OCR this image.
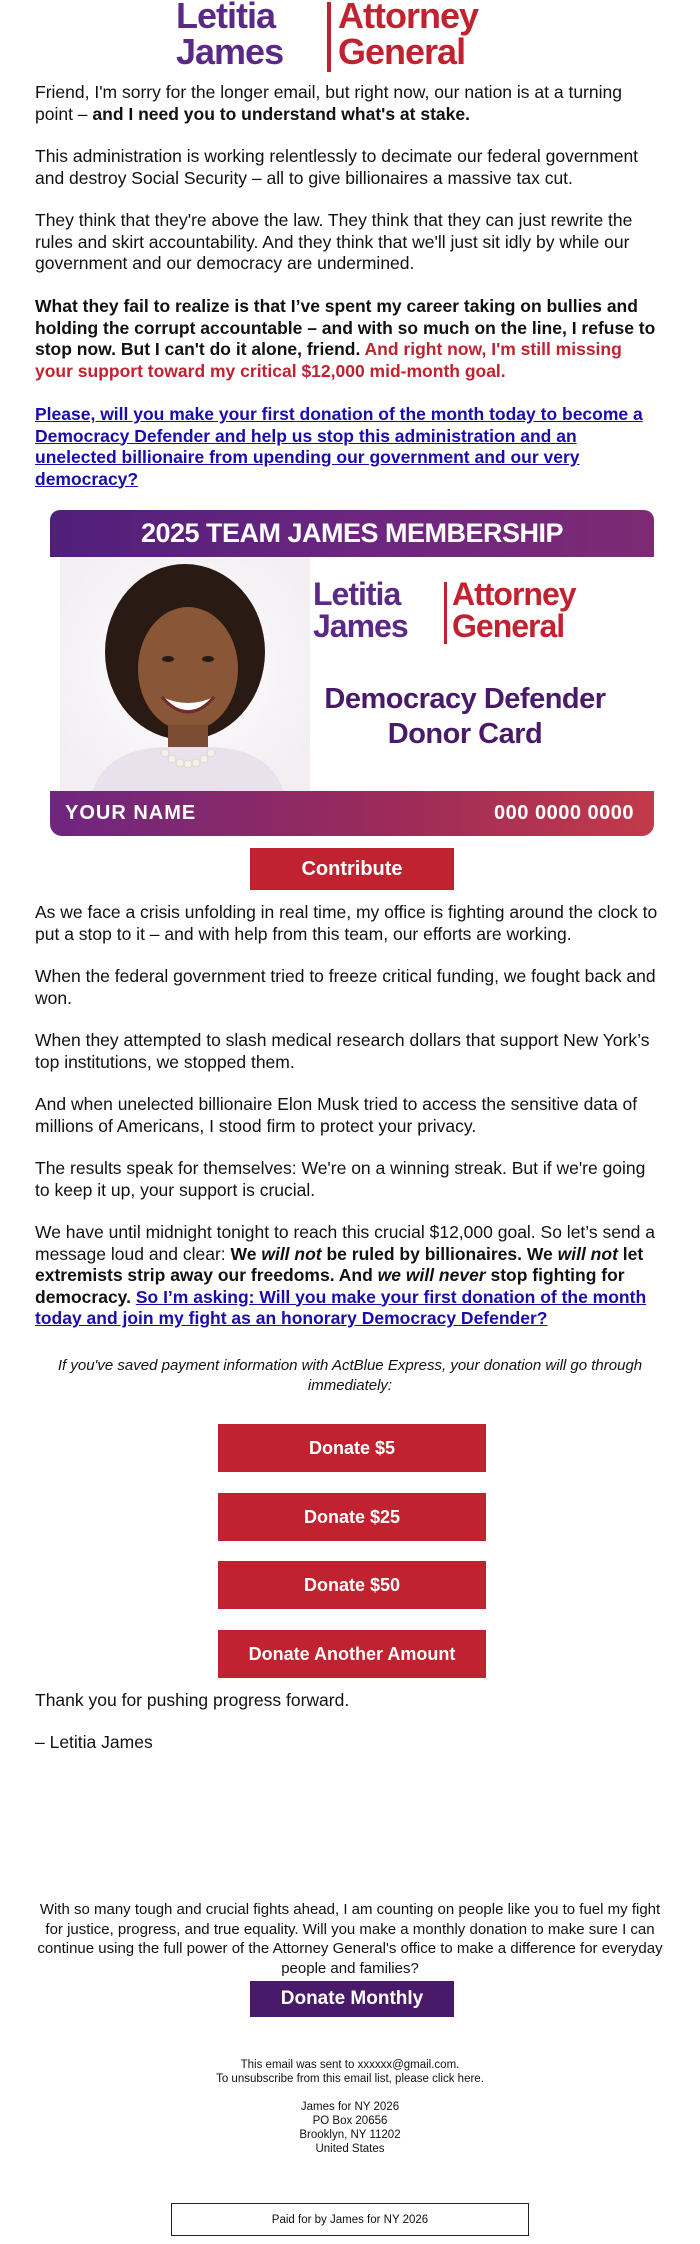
Letitia
James
Attorney
General

Friend, I'm sorry for the longer email, but right now, our nation is at a turning point – and I need you to understand what's at stake.

This administration is working relentlessly to decimate our federal government and destroy Social Security – all to give billionaires a massive tax cut.

They think that they're above the law. They think that they can just rewrite the rules and skirt accountability. And they think that we'll just sit idly by while our government and our democracy are undermined.

What they fail to realize is that I’ve spent my career taking on bullies and holding the corrupt accountable – and with so much on the line, I refuse to stop now. But I can't do it alone, friend. And right now, I'm still missing your support toward my critical $12,000 mid-month goal.

Please, will you make your first donation of the month today to become a Democracy Defender and help us stop this administration and an unelected billionaire from upending our government and our very democracy?

2025 TEAM JAMES MEMBERSHIP
Letitia
James
Attorney
General
Democracy Defender
Donor Card
YOUR NAME	000 0000 0000
Contribute

As we face a crisis unfolding in real time, my office is fighting around the clock to put a stop to it – and with help from this team, our efforts are working.

When the federal government tried to freeze critical funding, we fought back and won.

When they attempted to slash medical research dollars that support New York’s top institutions, we stopped them.

And when unelected billionaire Elon Musk tried to access the sensitive data of millions of Americans, I stood firm to protect your privacy.

The results speak for themselves: We're on a winning streak. But if we're going to keep it up, your support is crucial.

We have until midnight tonight to reach this crucial $12,000 goal. So let’s send a message loud and clear: We will not be ruled by billionaires. We will not let extremists strip away our freedoms. And we will never stop fighting for democracy. So I’m asking: Will you make your first donation of the month today and join my fight as an honorary Democracy Defender?

If you've saved payment information with ActBlue Express, your donation will go through immediately:
Donate $5
Donate $25
Donate $50
Donate Another Amount

Thank you for pushing progress forward.

– Letitia James

With so many tough and crucial fights ahead, I am counting on people like you to fuel my fight for justice, progress, and true equality. Will you make a monthly donation to make sure I can continue using the full power of the Attorney General's office to make a difference for everyday people and families?
Donate Monthly
This email was sent to xxxxxx@gmail.com.
To unsubscribe from this email list, please click here.
James for NY 2026
PO Box 20656
Brooklyn, NY 11202
United States
Paid for by James for NY 2026
